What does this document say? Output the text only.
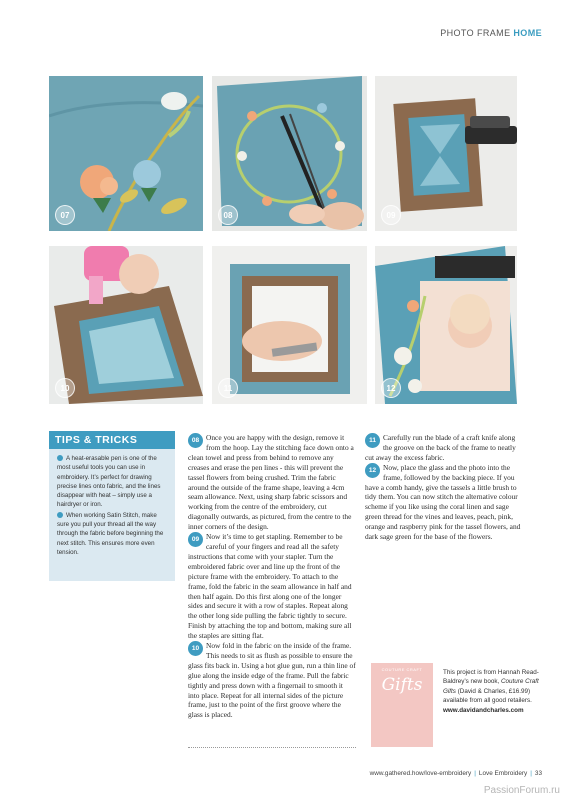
PHOTO FRAME HOME
07	08	09
10	11	12
TIPS & TRICKS

A heat-erasable pen is one of the most useful tools you can use in embroidery. It’s perfect for drawing precise lines onto fabric, and the lines disappear with heat – simply use a hairdryer or iron.

When working Satin Stitch, make sure you pull your thread all the way through the fabric before beginning the next stitch. This ensures more even tension.

08 Once you are happy with the design, remove it from the hoop. Lay the stitching face down onto a clean towel and press from behind to remove any creases and erase the pen lines - this will prevent the tassel flowers from being crushed. Trim the fabric around the outside of the frame shape, leaving a 4cm seam allowance. Next, using sharp fabric scissors and working from the centre of the embroidery, cut diagonally outwards, as pictured, from the centre to the inner corners of the design.

09 Now it’s time to get stapling. Remember to be careful of your fingers and read all the safety instructions that come with your stapler. Turn the embroidered fabric over and line up the front of the picture frame with the embroidery. To attach to the frame, fold the fabric in the seam allowance in half and then half again. Do this first along one of the longer sides and secure it with a row of staples. Repeat along the other long side pulling the fabric tightly to secure. Finish by attaching the top and bottom, making sure all the staples are sitting flat.

10 Now fold in the fabric on the inside of the frame. This needs to sit as flush as possible to ensure the glass fits back in. Using a hot glue gun, run a thin line of glue along the inside edge of the frame. Pull the fabric tightly and press down with a fingernail to smooth it into place. Repeat for all internal sides of the picture frame, just to the point of the first groove where the glass is placed.

11 Carefully run the blade of a craft knife along the groove on the back of the frame to neatly cut away the excess fabric.

12 Now, place the glass and the photo into the frame, followed by the backing piece. If you have a comb handy, give the tassels a little brush to tidy them. You can now stitch the alternative colour scheme if you like using the coral linen and sage green thread for the vines and leaves, peach, pink, orange and raspberry pink for the tassel flowers, and dark sage green for the base of the flowers.

COUTURE CRAFT
Gifts
This project is from Hannah Read-Baldrey’s new book, Couture Craft Gifts (David & Charles, £16.99) available from all good retailers. www.davidandcharles.com
www.gathered.how/love-embroidery | Love Embroidery | 33
PassionForum.ru
